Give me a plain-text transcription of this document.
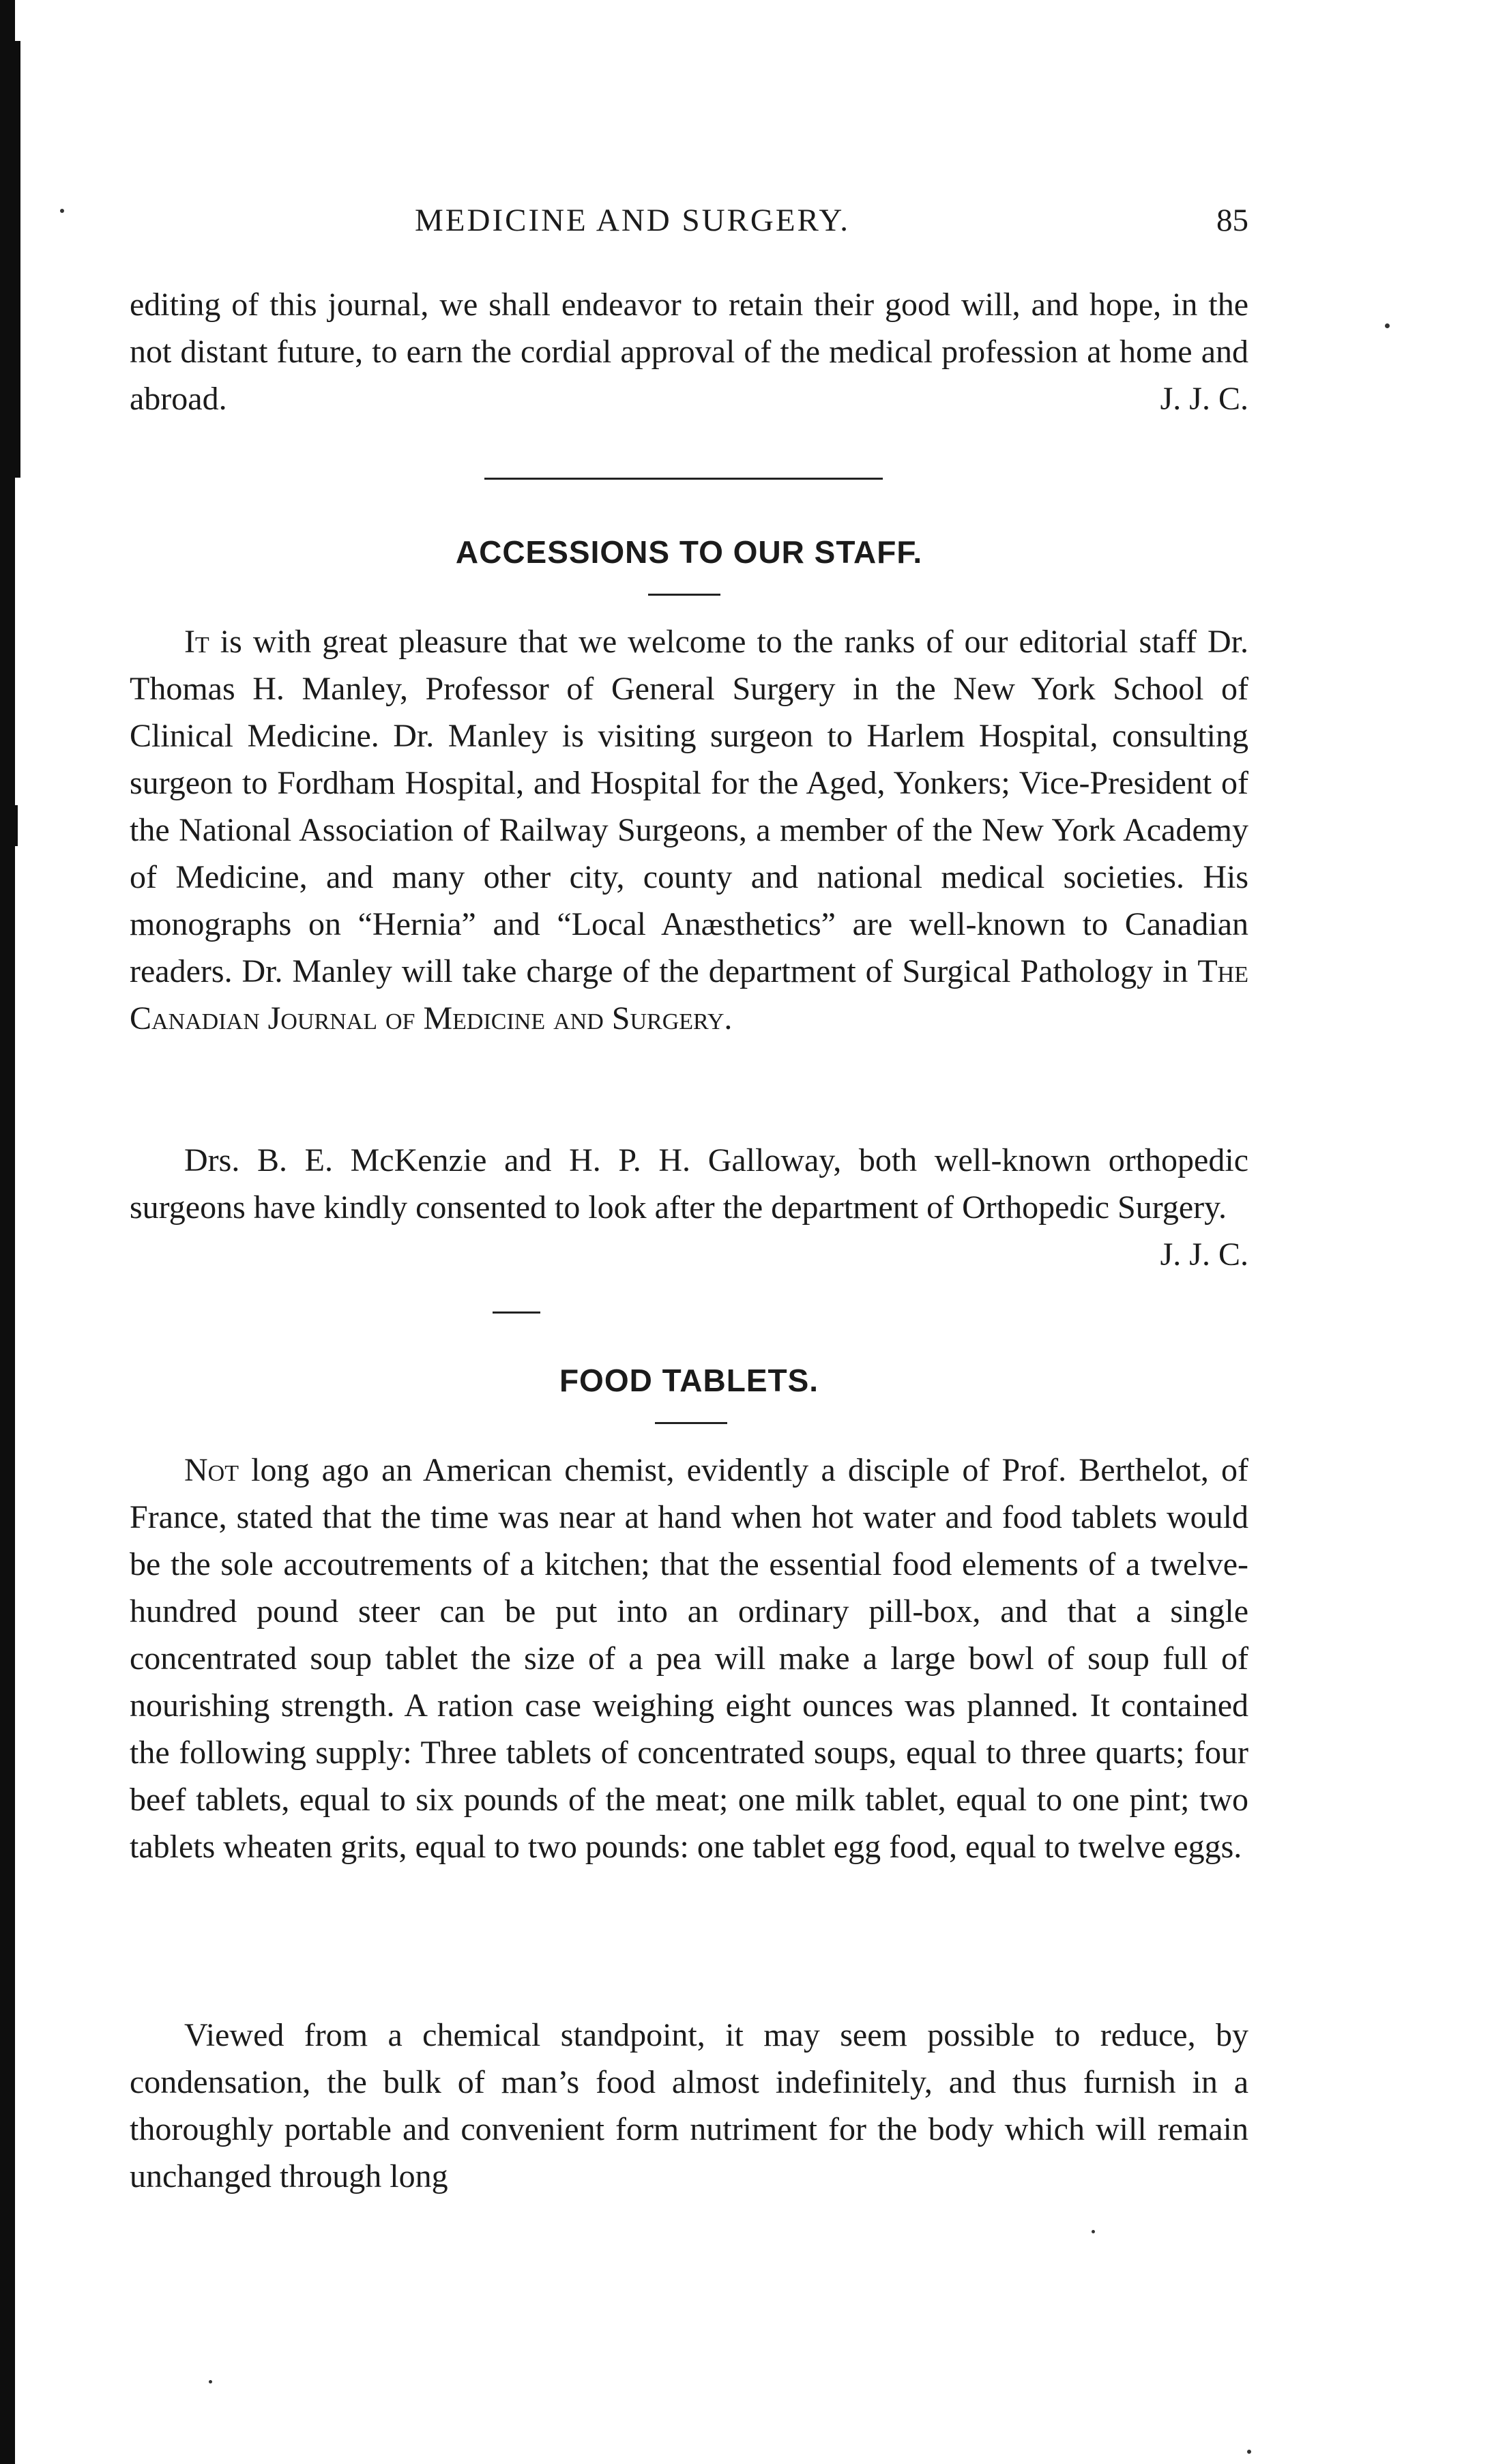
MEDICINE AND SURGERY.	85

editing of this journal, we shall endeavor to retain their good will, and hope, in the not distant future, to earn the cordial approval of the medical profession at home and abroad.	J. J. C.

ACCESSIONS TO OUR STAFF.

It is with great pleasure that we welcome to the ranks of our editorial staff Dr. Thomas H. Manley, Professor of General Surgery in the New York School of Clinical Medicine. Dr. Manley is visiting surgeon to Harlem Hospital, consulting surgeon to Fordham Hospital, and Hospital for the Aged, Yonkers; Vice-President of the National Association of Railway Surgeons, a member of the New York Academy of Medicine, and many other city, county and national medical societies. His monographs on “Hernia” and “Local Anæsthetics” are well-known to Canadian readers. Dr. Manley will take charge of the department of Surgical Pathology in The Canadian Journal of Medicine and Surgery.

Drs. B. E. McKenzie and H. P. H. Galloway, both well-known orthopedic surgeons have kindly consented to look after the department of Orthopedic Surgery.
J. J. C.

FOOD TABLETS.

Not long ago an American chemist, evidently a disciple of Prof. Berthelot, of France, stated that the time was near at hand when hot water and food tablets would be the sole accoutrements of a kitchen; that the essential food elements of a twelve-hundred pound steer can be put into an ordinary pill-box, and that a single concentrated soup tablet the size of a pea will make a large bowl of soup full of nourishing strength. A ration case weighing eight ounces was planned. It contained the following supply: Three tablets of concentrated soups, equal to three quarts; four beef tablets, equal to six pounds of the meat; one milk tablet, equal to one pint; two tablets wheaten grits, equal to two pounds: one tablet egg food, equal to twelve eggs.

Viewed from a chemical standpoint, it may seem possible to reduce, by condensation, the bulk of man’s food almost indefinitely, and thus furnish in a thoroughly portable and convenient form nutriment for the body which will remain unchanged through long
